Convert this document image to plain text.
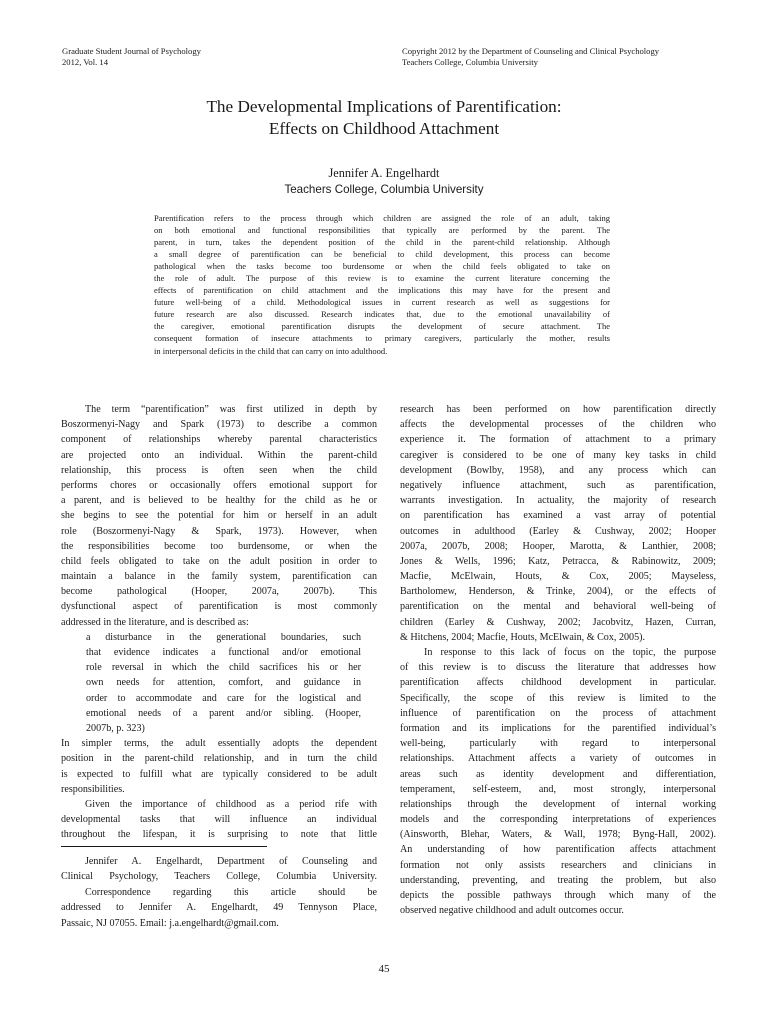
Graduate Student Journal of Psychology
2012, Vol. 14
Copyright 2012 by the Department of Counseling and Clinical Psychology
Teachers College, Columbia University
The Developmental Implications of Parentification:
Effects on Childhood Attachment
Jennifer A. Engelhardt
Teachers College, Columbia University
Parentification refers to the process through which children are assigned the role of an adult, taking
on both emotional and functional responsibilities that typically are performed by the parent. The
parent, in turn, takes the dependent position of the child in the parent-child relationship. Although
a small degree of parentification can be beneficial to child development, this process can become
pathological when the tasks become too burdensome or when the child feels obligated to take on
the role of adult. The purpose of this review is to examine the current literature concerning the
effects of parentification on child attachment and the implications this may have for the present and
future well-being of a child. Methodological issues in current research as well as suggestions for
future research are also discussed. Research indicates that, due to the emotional unavailability of
the caregiver, emotional parentification disrupts the development of secure attachment. The
consequent formation of insecure attachments to primary caregivers, particularly the mother, results
in interpersonal deficits in the child that can carry on into adulthood.
The term “parentification” was first utilized in depth by
Boszormenyi-Nagy and Spark (1973) to describe a common
component of relationships whereby parental characteristics
are projected onto an individual. Within the parent-child
relationship, this process is often seen when the child
performs chores or occasionally offers emotional support for
a parent, and is believed to be healthy for the child as he or
she begins to see the potential for him or herself in an adult
role (Boszormenyi-Nagy & Spark, 1973). However, when
the responsibilities become too burdensome, or when the
child feels obligated to take on the adult position in order to
maintain a balance in the family system, parentification can
become pathological (Hooper, 2007a, 2007b). This
dysfunctional aspect of parentification is most commonly
addressed in the literature, and is described as:
a disturbance in the generational boundaries, such
that evidence indicates a functional and/or emotional
role reversal in which the child sacrifices his or her
own needs for attention, comfort, and guidance in
order to accommodate and care for the logistical and
emotional needs of a parent and/or sibling. (Hooper,
2007b, p. 323)
In simpler terms, the adult essentially adopts the dependent
position in the parent-child relationship, and in turn the child
is expected to fulfill what are typically considered to be adult
responsibilities.
Given the importance of childhood as a period rife with
developmental tasks that will influence an individual
throughout the lifespan, it is surprising to note that little
Jennifer A. Engelhardt, Department of Counseling and
Clinical Psychology, Teachers College, Columbia University.
Correspondence regarding this article should be
addressed to Jennifer A. Engelhardt, 49 Tennyson Place,
Passaic, NJ 07055. Email: j.a.engelhardt@gmail.com.
research has been performed on how parentification directly
affects the developmental processes of the children who
experience it. The formation of attachment to a primary
caregiver is considered to be one of many key tasks in child
development (Bowlby, 1958), and any process which can
negatively influence attachment, such as parentification,
warrants investigation. In actuality, the majority of research
on parentification has examined a vast array of potential
outcomes in adulthood (Earley & Cushway, 2002; Hooper
2007a, 2007b, 2008; Hooper, Marotta, & Lanthier, 2008;
Jones & Wells, 1996; Katz, Petracca, & Rabinowitz, 2009;
Macfie, McElwain, Houts, & Cox, 2005; Mayseless,
Bartholomew, Henderson, & Trinke, 2004), or the effects of
parentification on the mental and behavioral well-being of
children (Earley & Cushway, 2002; Jacobvitz, Hazen, Curran,
& Hitchens, 2004; Macfie, Houts, McElwain, & Cox, 2005).
In response to this lack of focus on the topic, the purpose
of this review is to discuss the literature that addresses how
parentification affects childhood development in particular.
Specifically, the scope of this review is limited to the
influence of parentification on the process of attachment
formation and its implications for the parentified individual’s
well-being, particularly with regard to interpersonal
relationships. Attachment affects a variety of outcomes in
areas such as identity development and differentiation,
temperament, self-esteem, and, most strongly, interpersonal
relationships through the development of internal working
models and the corresponding interpretations of experiences
(Ainsworth, Blehar, Waters, & Wall, 1978; Byng-Hall, 2002).
An understanding of how parentification affects attachment
formation not only assists researchers and clinicians in
understanding, preventing, and treating the problem, but also
depicts the possible pathways through which many of the
observed negative childhood and adult outcomes occur.
45
